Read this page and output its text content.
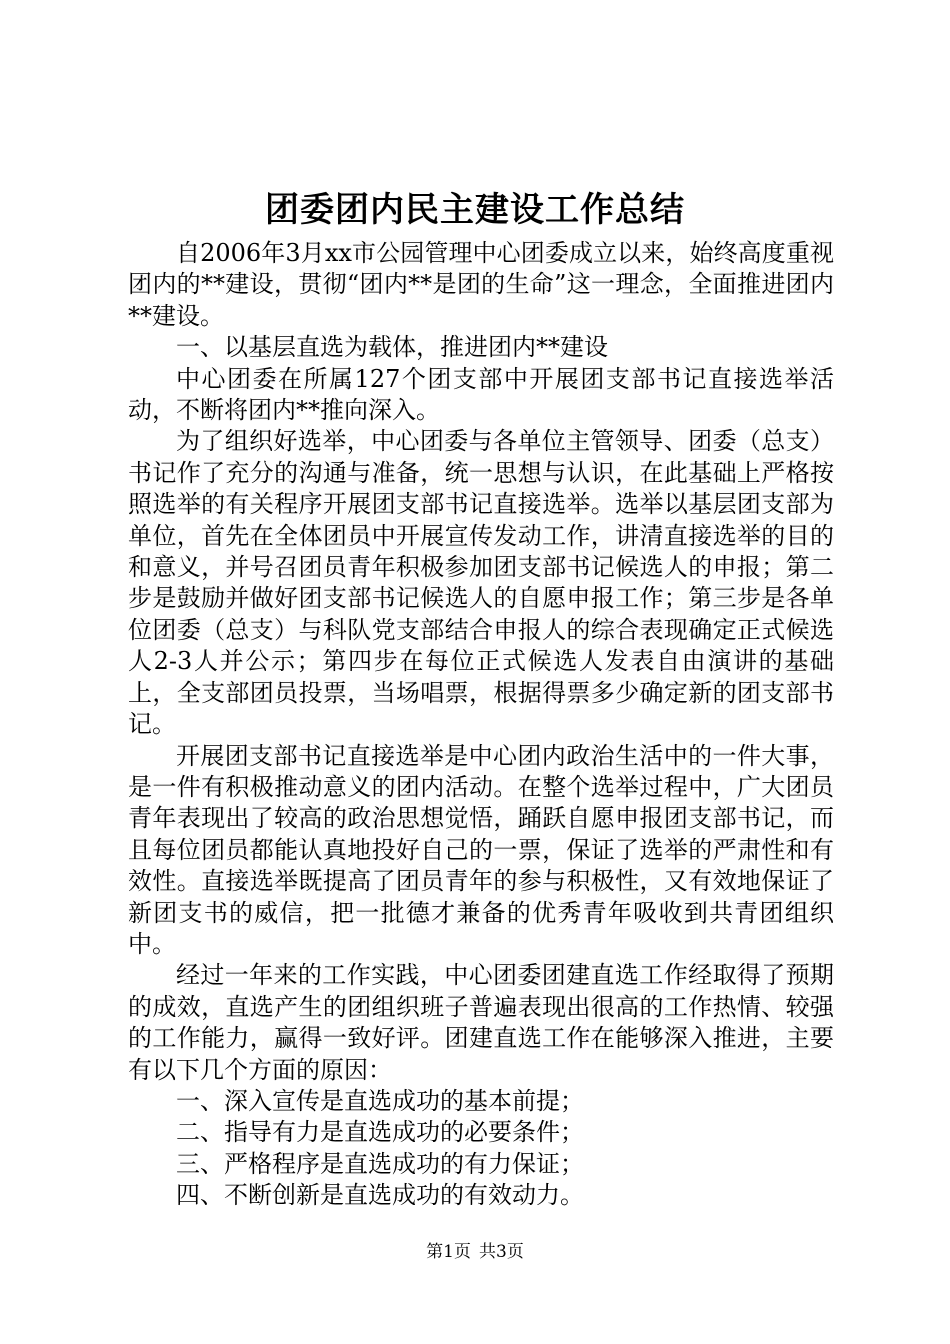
团委团内民主建设工作总结

自2006年3月xx市公园管理中心团委成立以来，始终高度重视团内的**建设，贯彻“团内**是团的生命”这一理念，全面推进团内**建设。

一、以基层直选为载体，推进团内**建设

中心团委在所属127个团支部中开展团支部书记直接选举活动，不断将团内**推向深入。

为了组织好选举，中心团委与各单位主管领导、团委（总支）书记作了充分的沟通与准备，统一思想与认识，在此基础上严格按照选举的有关程序开展团支部书记直接选举。选举以基层团支部为单位，首先在全体团员中开展宣传发动工作，讲清直接选举的目的和意义，并号召团员青年积极参加团支部书记候选人的申报；第二步是鼓励并做好团支部书记候选人的自愿申报工作；第三步是各单位团委（总支）与科队党支部结合申报人的综合表现确定正式候选人2-3人并公示；第四步在每位正式候选人发表自由演讲的基础上，全支部团员投票，当场唱票，根据得票多少确定新的团支部书记。

开展团支部书记直接选举是中心团内政治生活中的一件大事，是一件有积极推动意义的团内活动。在整个选举过程中，广大团员青年表现出了较高的政治思想觉悟，踊跃自愿申报团支部书记，而且每位团员都能认真地投好自己的一票，保证了选举的严肃性和有效性。直接选举既提高了团员青年的参与积极性，又有效地保证了新团支书的威信，把一批德才兼备的优秀青年吸收到共青团组织中。

经过一年来的工作实践，中心团委团建直选工作经取得了预期的成效，直选产生的团组织班子普遍表现出很高的工作热情、较强的工作能力，赢得一致好评。团建直选工作在能够深入推进，主要有以下几个方面的原因：

一、深入宣传是直选成功的基本前提；

二、指导有力是直选成功的必要条件；

三、严格程序是直选成功的有力保证；

四、不断创新是直选成功的有效动力。

第1页 共3页
